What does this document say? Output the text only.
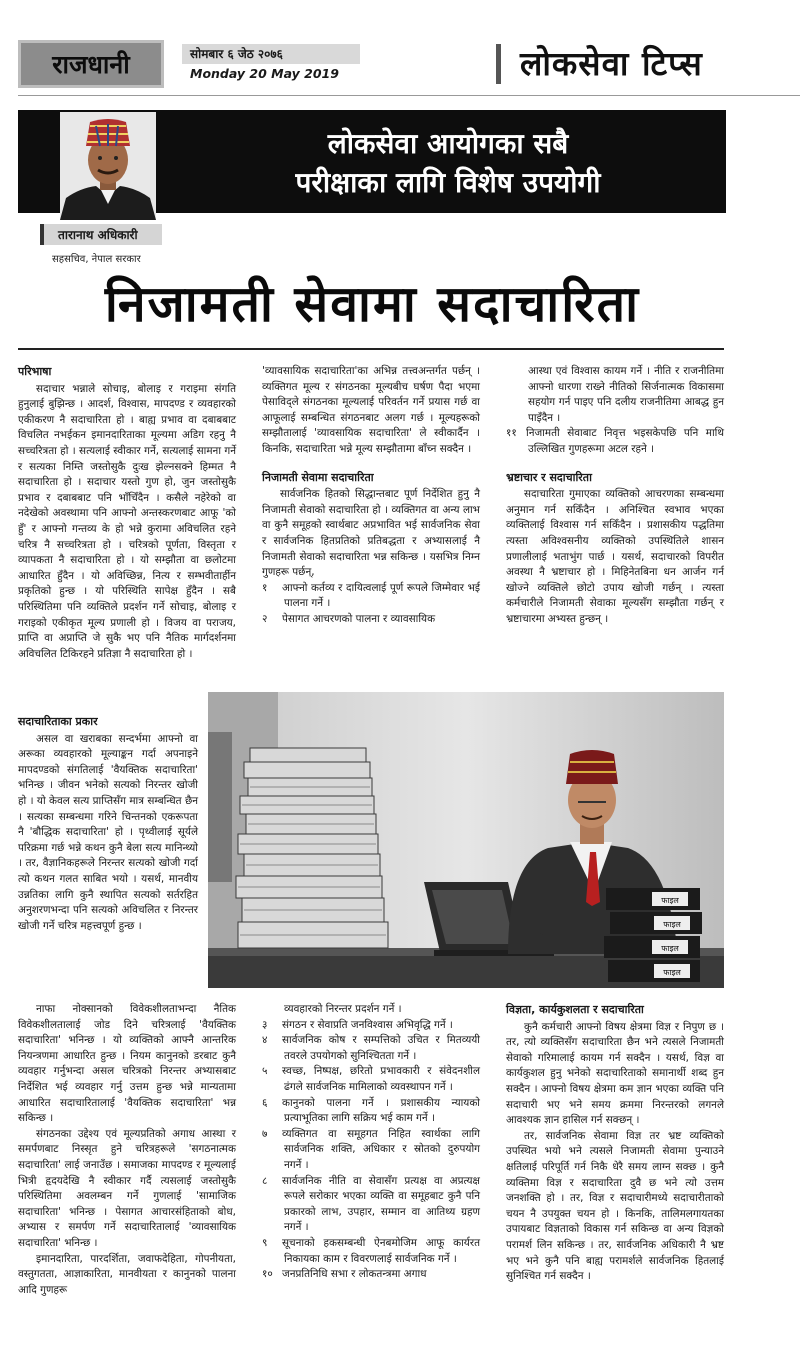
राजधानी	सोमबार ६ जेठ २०७६
Monday 20 May 2019	लोकसेवा टिप्स
लोकसेवा आयोगका सबै
परीक्षाका लागि विशेष उपयोगी
तारानाथ अधिकारी
सहसचिव, नेपाल सरकार
निजामती सेवामा सदाचारिता
परिभाषा

सदाचार भन्नाले सोचाइ, बोलाइ र गराइमा संगति हुनुलाई बुझिन्छ । आदर्श, विश्वास, मापदण्ड र व्यवहारको एकीकरण नै सदाचारिता हो । बाह्य प्रभाव वा दबाबबाट विचलित नभईकन इमानदारिताका मूल्यमा अडिग रहनु नै सच्चरित्रता हो । सत्यलाई स्वीकार गर्ने, सत्यलाई सामना गर्ने र सत्यका निम्ति जस्तोसुकै दुःख झेल्नसक्ने हिम्मत नै सदाचारिता हो । सदाचार यस्तो गुण हो, जुन जस्तोसुकै प्रभाव र दबाबबाट पनि भाँचिँदैन । कसैले नहेरेको वा नदेखेको अवस्थामा पनि आफ्नो अन्तस्करणबाट आफू 'को हुँ' र आफ्नो गन्तव्य के हो भन्ने कुरामा अविचलित रहने चरित्र नै सच्चरित्रता हो । चरित्रको पूर्णता, विस्तृता र व्यापकता नै सदाचारिता हो । यो सम्झौता वा छलोटमा आधारित हुँदैन । यो अविच्छिन्न, नित्य र सम्भवीतार्हीन प्रकृतिको हुन्छ । यो परिस्थिति सापेक्ष हुँदैन । सबै परिस्थितिमा पनि व्यक्तिले प्रदर्शन गर्ने सोचाइ, बोलाइ र गराइको एकीकृत मूल्य प्रणाली हो । विजय वा पराजय, प्राप्ति वा अप्राप्ति जे सुकै भए पनि नैतिक मार्गदर्शनमा अविचलित टिकिरहने प्रतिज्ञा नै सदाचारिता हो ।

सदाचारिताका प्रकार

असल वा खराबका सन्दर्भमा आफ्नो वा अरूका व्यवहारको मूल्याङ्कन गर्दा अपनाइने मापदण्डको संगतिलाई 'वैयक्तिक सदाचारिता' भनिन्छ । जीवन भनेको सत्यको निरन्तर खोजी हो । यो केवल सत्य प्राप्तिसँग मात्र सम्बन्धित छैन । सत्यका सम्बन्धमा गरिने चिन्तनको एकरूपता नै 'बौद्धिक सदाचारिता' हो । पृथ्वीलाई सूर्यले परिक्रमा गर्छ भन्ने कथन कुनै बेला सत्य मानिन्थ्यो । तर, वैज्ञानिकहरूले निरन्तर सत्यको खोजी गर्दा त्यो कथन गलत साबित भयो । यसर्थ, मानवीय उन्नतिका लागि कुनै स्थापित सत्यको सर्तरहित अनुशरणभन्दा पनि सत्यको अविचलित र निरन्तर खोजी गर्ने चरित्र महत्त्वपूर्ण हुन्छ ।

नाफा नोक्सानको विवेकशीलताभन्दा नैतिक विवेकशीलतालाई जोड दिने चरित्रलाई 'वैयक्तिक सदाचारिता' भनिन्छ । यो व्यक्तिको आफ्नै आन्तरिक नियन्त्रणमा आधारित हुन्छ । नियम कानुनको डरबाट कुनै व्यवहार गर्नुभन्दा असल चरित्रको निरन्तर अभ्यासबाट निर्देशित भई व्यवहार गर्नु उत्तम हुन्छ भन्ने मान्यतामा आधारित सदाचारितालाई 'वैयक्तिक सदाचारिता' भन्न सकिन्छ ।

संगठनका उद्देश्य एवं मूल्यप्रतिको अगाध आस्था र समर्पणबाट निस्सृत हुने चरित्रहरूले 'सगठनात्मक सदाचारिता' लाई जनाउँछ । समाजका मापदण्ड र मूल्यलाई भित्री हृदयदेखि नै स्वीकार गर्दै त्यसलाई जस्तोसुकै परिस्थितिमा अवलम्बन गर्ने गुणलाई 'सामाजिक सदाचारिता' भनिन्छ । पेसागत आचारसंहिताको बोध, अभ्यास र समर्पण गर्ने सदाचारितालाई 'व्यावसायिक सदाचारिता' भनिन्छ ।

इमानदारिता, पारदर्शिता, जवाफदेहिता, गोपनीयता, वस्तुगतता, आज्ञाकारिता, मानवीयता र कानुनको पालना आदि गुणहरू

'व्यावसायिक सदाचारिता'का अभिन्न तत्त्वअन्तर्गत पर्छन् । व्यक्तिगत मूल्य र संगठनका मूल्यबीच घर्षण पैदा भएमा पेसाविद्ले संगठनका मूल्यलाई परिवर्तन गर्ने प्रयास गर्छ वा आफूलाई सम्बन्धित संगठनबाट अलग गर्छ । मूल्यहरूको सम्झौतालाई 'व्यावसायिक सदाचारिता' ले स्वीकार्दैन । किनकि, सदाचारिता भन्ने मूल्य सम्झौतामा बाँच्न सक्दैन ।

निजामती सेवामा सदाचारिता

सार्वजनिक हितको सिद्धान्तबाट पूर्ण निर्देशित हुनु नै निजामती सेवाको सदाचारिता हो । व्यक्तिगत वा अन्य लाभ वा कुनै समूहको स्वार्थबाट अप्रभावित भई सार्वजनिक सेवा र सार्वजनिक हितप्रतिको प्रतिबद्धता र अभ्यासलाई नै निजामती सेवाको सदाचारिता भन्न सकिन्छ । यसभित्र निम्न गुणहरू पर्छन्,

१ आफ्नो कर्तव्य र दायित्वलाई पूर्ण रूपले जिम्मेवार भई पालना गर्ने ।

२ पेसागत आचरणको पालना र व्यावसायिक

आस्था एवं विश्वास कायम गर्ने । नीति र राजनीतिमा आफ्नो धारणा राख्ने नीतिको सिर्जनात्मक विकासमा सहयोग गर्न पाइए पनि दलीय राजनीतिमा आबद्ध हुन पाइँदैन ।

११ निजामती सेवाबाट निवृत्त भइसकेपछि पनि माथि उल्लिखित गुणहरूमा अटल रहने ।

भ्रष्टाचार र सदाचारिता

सदाचारिता गुमाएका व्यक्तिको आचरणका सम्बन्धमा अनुमान गर्न सकिँदैन । अनिश्चित स्वभाव भएका व्यक्तिलाई विश्वास गर्न सकिँदैन । प्रशासकीय पद्धतिमा त्यस्ता अविश्वसनीय व्यक्तिको उपस्थितिले शासन प्रणालीलाई भताभुंग पार्छ । यसर्थ, सदाचारको विपरीत अवस्था नै भ्रष्टाचार हो । मिहिनेतबिना धन आर्जन गर्न खोज्ने व्यक्तिले छोटो उपाय खोजी गर्छन् । त्यस्ता कर्मचारीले निजामती सेवाका मूल्यसँग सम्झौता गर्छन् र भ्रष्टाचारमा अभ्यस्त हुन्छन् ।

फाइल
फाइल
फाइल
फाइल

व्यवहारको निरन्तर प्रदर्शन गर्ने ।

३ संगठन र सेवाप्रति जनविश्वास अभिवृद्धि गर्ने ।

४ सार्वजनिक कोष र सम्पत्तिको उचित र मितव्ययी तवरले उपयोगको सुनिश्चितता गर्ने ।

५ स्वच्छ, निष्पक्ष, छरितो प्रभावकारी र संवेदनशील ढंगले सार्वजनिक मामिलाको व्यवस्थापन गर्ने ।

६ कानुनको पालना गर्ने । प्रशासकीय न्यायको प्रत्याभूतिका लागि सक्रिय भई काम गर्ने ।

७ व्यक्तिगत वा समूहगत निहित स्वार्थका लागि सार्वजनिक शक्ति, अधिकार र स्रोतको दुरुपयोग नगर्ने ।

८ सार्वजनिक नीति वा सेवासँग प्रत्यक्ष वा अप्रत्यक्ष रूपले सरोकार भएका व्यक्ति वा समूहबाट कुनै पनि प्रकारको लाभ, उपहार, सम्मान वा आतिथ्य ग्रहण नगर्ने ।

९ सूचनाको हकसम्बन्धी ऐनबमोजिम आफू कार्यरत निकायका काम र विवरणलाई सार्वजनिक गर्ने ।

१० जनप्रतिनिधि सभा र लोकतन्त्रमा अगाध

विज्ञता, कार्यकुशलता र सदाचारिता

कुनै कर्मचारी आफ्नो विषय क्षेत्रमा विज्ञ र निपुण छ । तर, त्यो व्यक्तिसँग सदाचारिता छैन भने त्यसले निजामती सेवाको गरिमालाई कायम गर्न सक्दैन । यसर्थ, विज्ञ वा कार्यकुशल हुनु भनेको सदाचारिताको समानार्थी शब्द हुन सक्दैन । आफ्नो विषय क्षेत्रमा कम ज्ञान भएका व्यक्ति पनि सदाचारी भए भने समय क्रममा निरन्तरको लगनले आवश्यक ज्ञान हासिल गर्न सक्छन् ।

तर, सार्वजनिक सेवामा विज्ञ तर भ्रष्ट व्यक्तिको उपस्थित भयो भने त्यसले निजामती सेवामा पुन्याउने क्षतिलाई परिपूर्ति गर्न निकै धेरै समय लाग्न सक्छ । कुनै व्यक्तिमा विज्ञ र सदाचारिता दुवै छ भने त्यो उत्तम जनशक्ति हो । तर, विज्ञ र सदाचारीमध्ये सदाचारीताको चयन नै उपयुक्त चयन हो । किनकि, तालिमलगायतका उपायबाट विज्ञताको विकास गर्न सकिन्छ वा अन्य विज्ञको परामर्श लिन सकिन्छ । तर, सार्वजनिक अधिकारी नै भ्रष्ट भए भने कुनै पनि बाह्य परामर्शले सार्वजनिक हितलाई सुनिश्चित गर्न सक्दैन ।
